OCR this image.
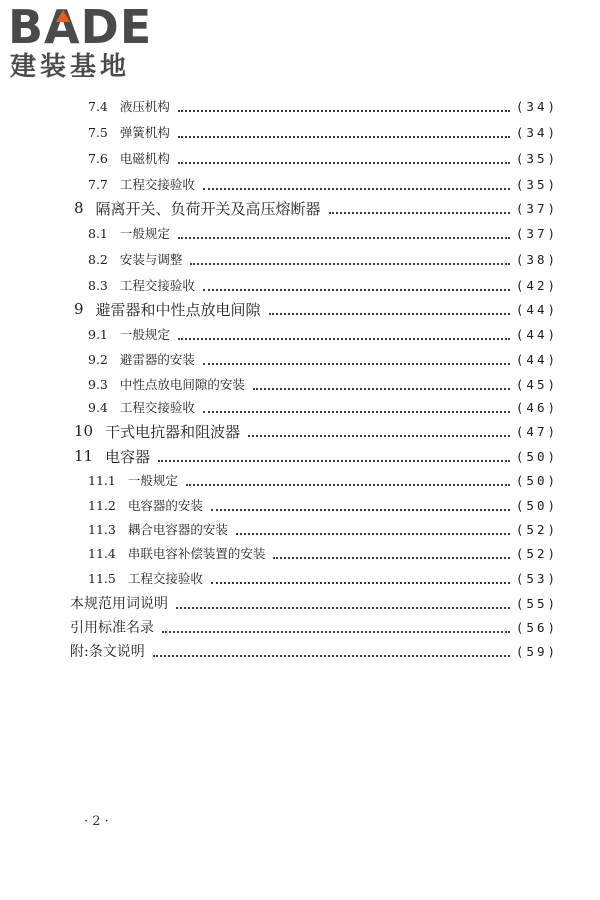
BADE
建装基地
7.4 液压机构	(34)
7.5 弹簧机构	(34)
7.6 电磁机构	(35)
7.7 工程交接验收	(35)
8 隔离开关、负荷开关及高压熔断器	(37)
8.1 一般规定	(37)
8.2 安装与调整	(38)
8.3 工程交接验收	(42)
9 避雷器和中性点放电间隙	(44)
9.1 一般规定	(44)
9.2 避雷器的安装	(44)
9.3 中性点放电间隙的安装	(45)
9.4 工程交接验收	(46)
10 干式电抗器和阻波器	(47)
11 电容器	(50)
11.1 一般规定	(50)
11.2 电容器的安装	(50)
11.3 耦合电容器的安装	(52)
11.4 串联电容补偿装置的安装	(52)
11.5 工程交接验收	(53)
本规范用词说明	(55)
引用标准名录	(56)
附:条文说明	(59)
· 2 ·
